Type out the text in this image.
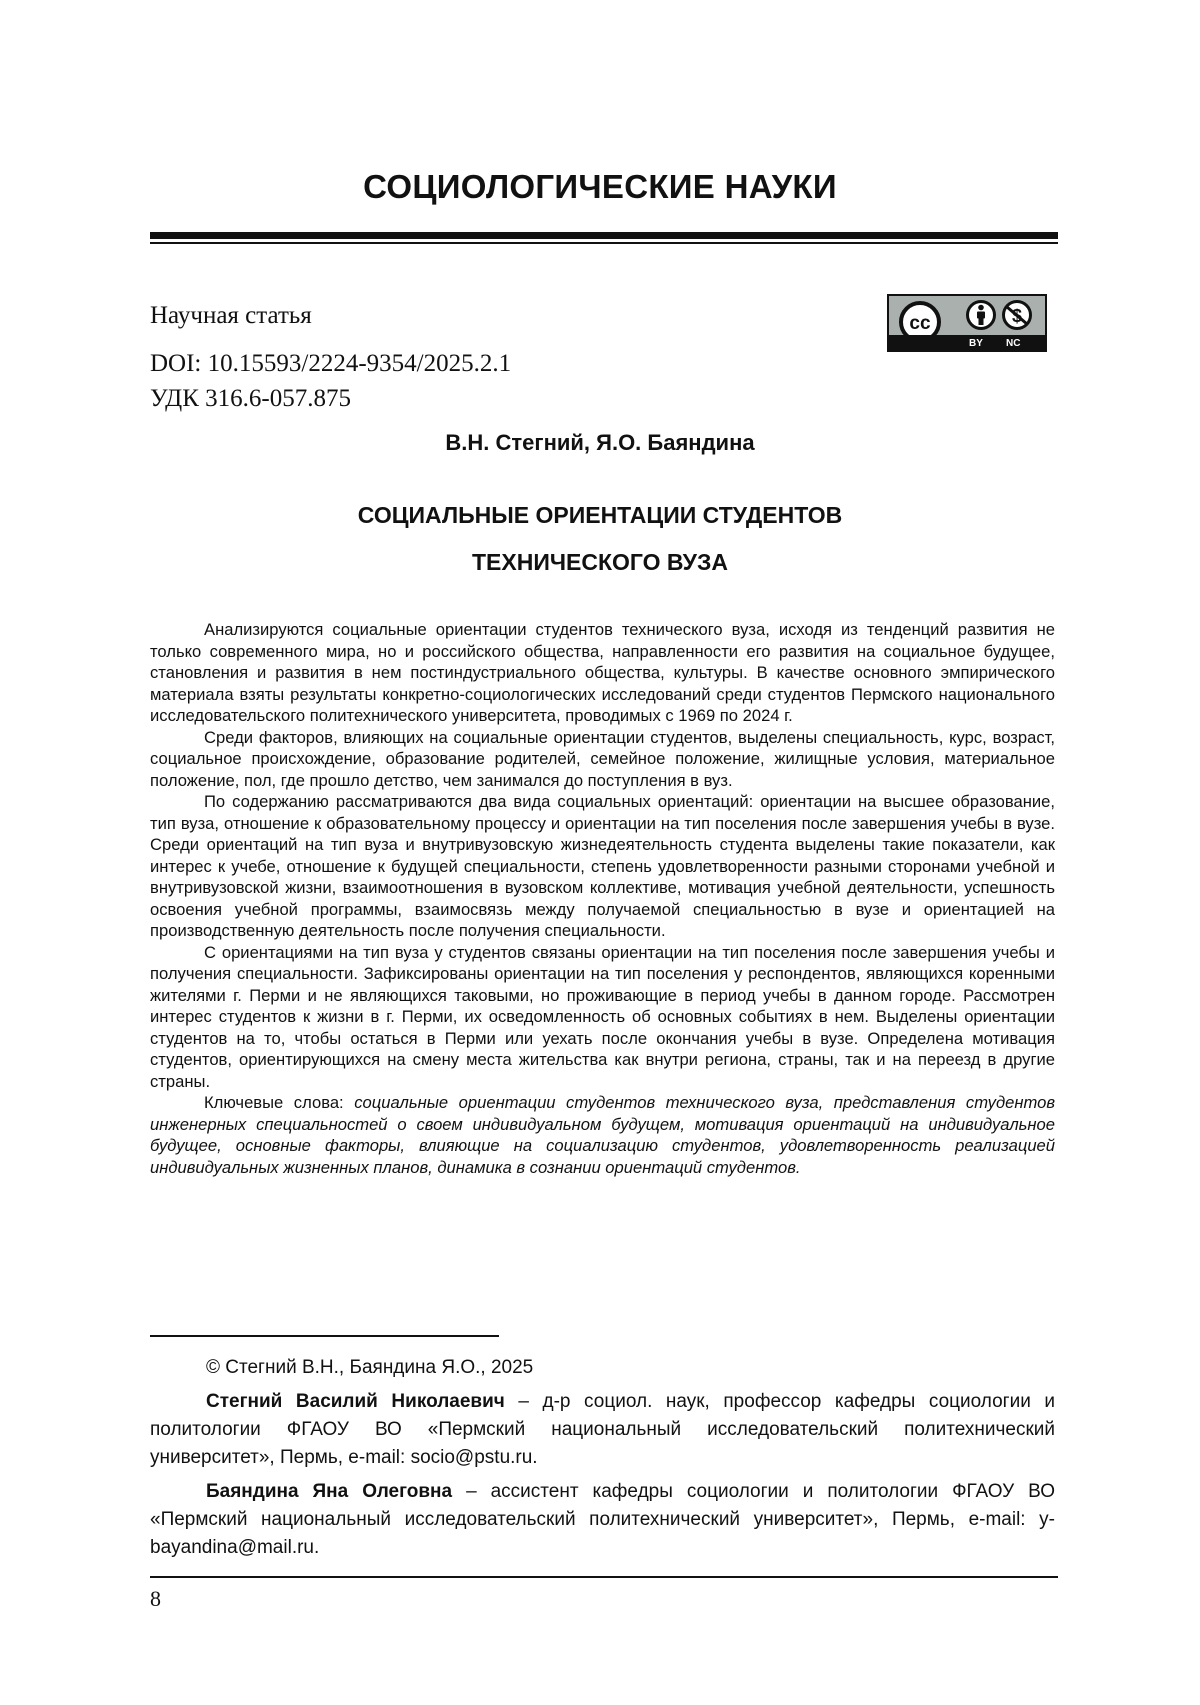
СОЦИОЛОГИЧЕСКИЕ НАУКИ
Научная статья
DOI: 10.15593/2224-9354/2025.2.1
УДК 316.6-057.875
cc
BY NC
В.Н. Стегний, Я.О. Баяндина
СОЦИАЛЬНЫЕ ОРИЕНТАЦИИ СТУДЕНТОВ
ТЕХНИЧЕСКОГО ВУЗА

Анализируются социальные ориентации студентов технического вуза, исходя из тенденций развития не только современного мира, но и российского общества, направленности его развития на социальное будущее, становления и развития в нем постиндустриального общества, культуры. В качестве основного эмпирического материала взяты результаты конкретно-социологических исследований среди студентов Пермского национального исследовательского политехнического университета, проводимых с 1969 по 2024 г.

Среди факторов, влияющих на социальные ориентации студентов, выделены специальность, курс, возраст, социальное происхождение, образование родителей, семейное положение, жилищные условия, материальное положение, пол, где прошло детство, чем занимался до поступления в вуз.

По содержанию рассматриваются два вида социальных ориентаций: ориентации на высшее образование, тип вуза, отношение к образовательному процессу и ориентации на тип поселения после завершения учебы в вузе. Среди ориентаций на тип вуза и внутривузовскую жизнедеятельность студента выделены такие показатели, как интерес к учебе, отношение к будущей специальности, степень удовлетворенности разными сторонами учебной и внутривузовской жизни, взаимоотношения в вузовском коллективе, мотивация учебной деятельности, успешность освоения учебной программы, взаимосвязь между получаемой специальностью в вузе и ориентацией на производственную деятельность после получения специальности.

С ориентациями на тип вуза у студентов связаны ориентации на тип поселения после завершения учебы и получения специальности. Зафиксированы ориентации на тип поселения у респондентов, являющихся коренными жителями г. Перми и не являющихся таковыми, но проживающие в период учебы в данном городе. Рассмотрен интерес студентов к жизни в г. Перми, их осведомленность об основных событиях в нем. Выделены ориентации студентов на то, чтобы остаться в Перми или уехать после окончания учебы в вузе. Определена мотивация студентов, ориентирующихся на смену места жительства как внутри региона, страны, так и на переезд в другие страны.

Ключевые слова: социальные ориентации студентов технического вуза, представления студентов инженерных специальностей о своем индивидуальном будущем, мотивация ориентаций на индивидуальное будущее, основные факторы, влияющие на социализацию студентов, удовлетворенность реализацией индивидуальных жизненных планов, динамика в сознании ориентаций студентов.

© Стегний В.Н., Баяндина Я.О., 2025

Стегний Василий Николаевич – д-р социол. наук, профессор кафедры социологии и политологии ФГАОУ ВО «Пермский национальный исследовательский политехнический университет», Пермь, e-mail: socio@pstu.ru.

Баяндина Яна Олеговна – ассистент кафедры социологии и политологии ФГАОУ ВО «Пермский национальный исследовательский политехнический университет», Пермь, e-mail: y-bayandina@mail.ru.

8
